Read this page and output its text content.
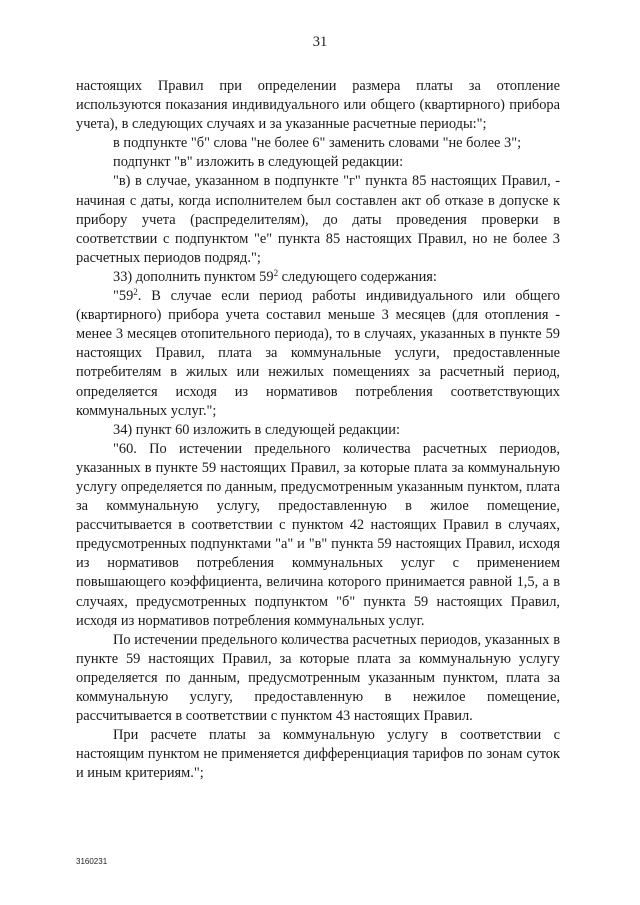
31

настоящих Правил при определении размера платы за отопление используются показания индивидуального или общего (квартирного) прибора учета), в следующих случаях и за указанные расчетные периоды:";

в подпункте "б" слова "не более 6" заменить словами "не более 3";

подпункт "в" изложить в следующей редакции:

"в) в случае, указанном в подпункте "г" пункта 85 настоящих Правил, - начиная с даты, когда исполнителем был составлен акт об отказе в допуске к прибору учета (распределителям), до даты проведения проверки в соответствии с подпунктом "е" пункта 85 настоящих Правил, но не более 3 расчетных периодов подряд.";

33) дополнить пунктом $59^2$ следующего содержания:

"$59^2$. В случае если период работы индивидуального или общего (квартирного) прибора учета составил меньше 3 месяцев (для отопления - менее 3 месяцев отопительного периода), то в случаях, указанных в пункте 59 настоящих Правил, плата за коммунальные услуги, предоставленные потребителям в жилых или нежилых помещениях за расчетный период, определяется исходя из нормативов потребления соответствующих коммунальных услуг.";

34) пункт 60 изложить в следующей редакции:

"60. По истечении предельного количества расчетных периодов, указанных в пункте 59 настоящих Правил, за которые плата за коммунальную услугу определяется по данным, предусмотренным указанным пунктом, плата за коммунальную услугу, предоставленную в жилое помещение, рассчитывается в соответствии с пунктом 42 настоящих Правил в случаях, предусмотренных подпунктами "а" и "в" пункта 59 настоящих Правил, исходя из нормативов потребления коммунальных услуг с применением повышающего коэффициента, величина которого принимается равной 1,5, а в случаях, предусмотренных подпунктом "б" пункта 59 настоящих Правил, исходя из нормативов потребления коммунальных услуг.

По истечении предельного количества расчетных периодов, указанных в пункте 59 настоящих Правил, за которые плата за коммунальную услугу определяется по данным, предусмотренным указанным пунктом, плата за коммунальную услугу, предоставленную в нежилое помещение, рассчитывается в соответствии с пунктом 43 настоящих Правил.

При расчете платы за коммунальную услугу в соответствии с настоящим пунктом не применяется дифференциация тарифов по зонам суток и иным критериям.";

3160231
